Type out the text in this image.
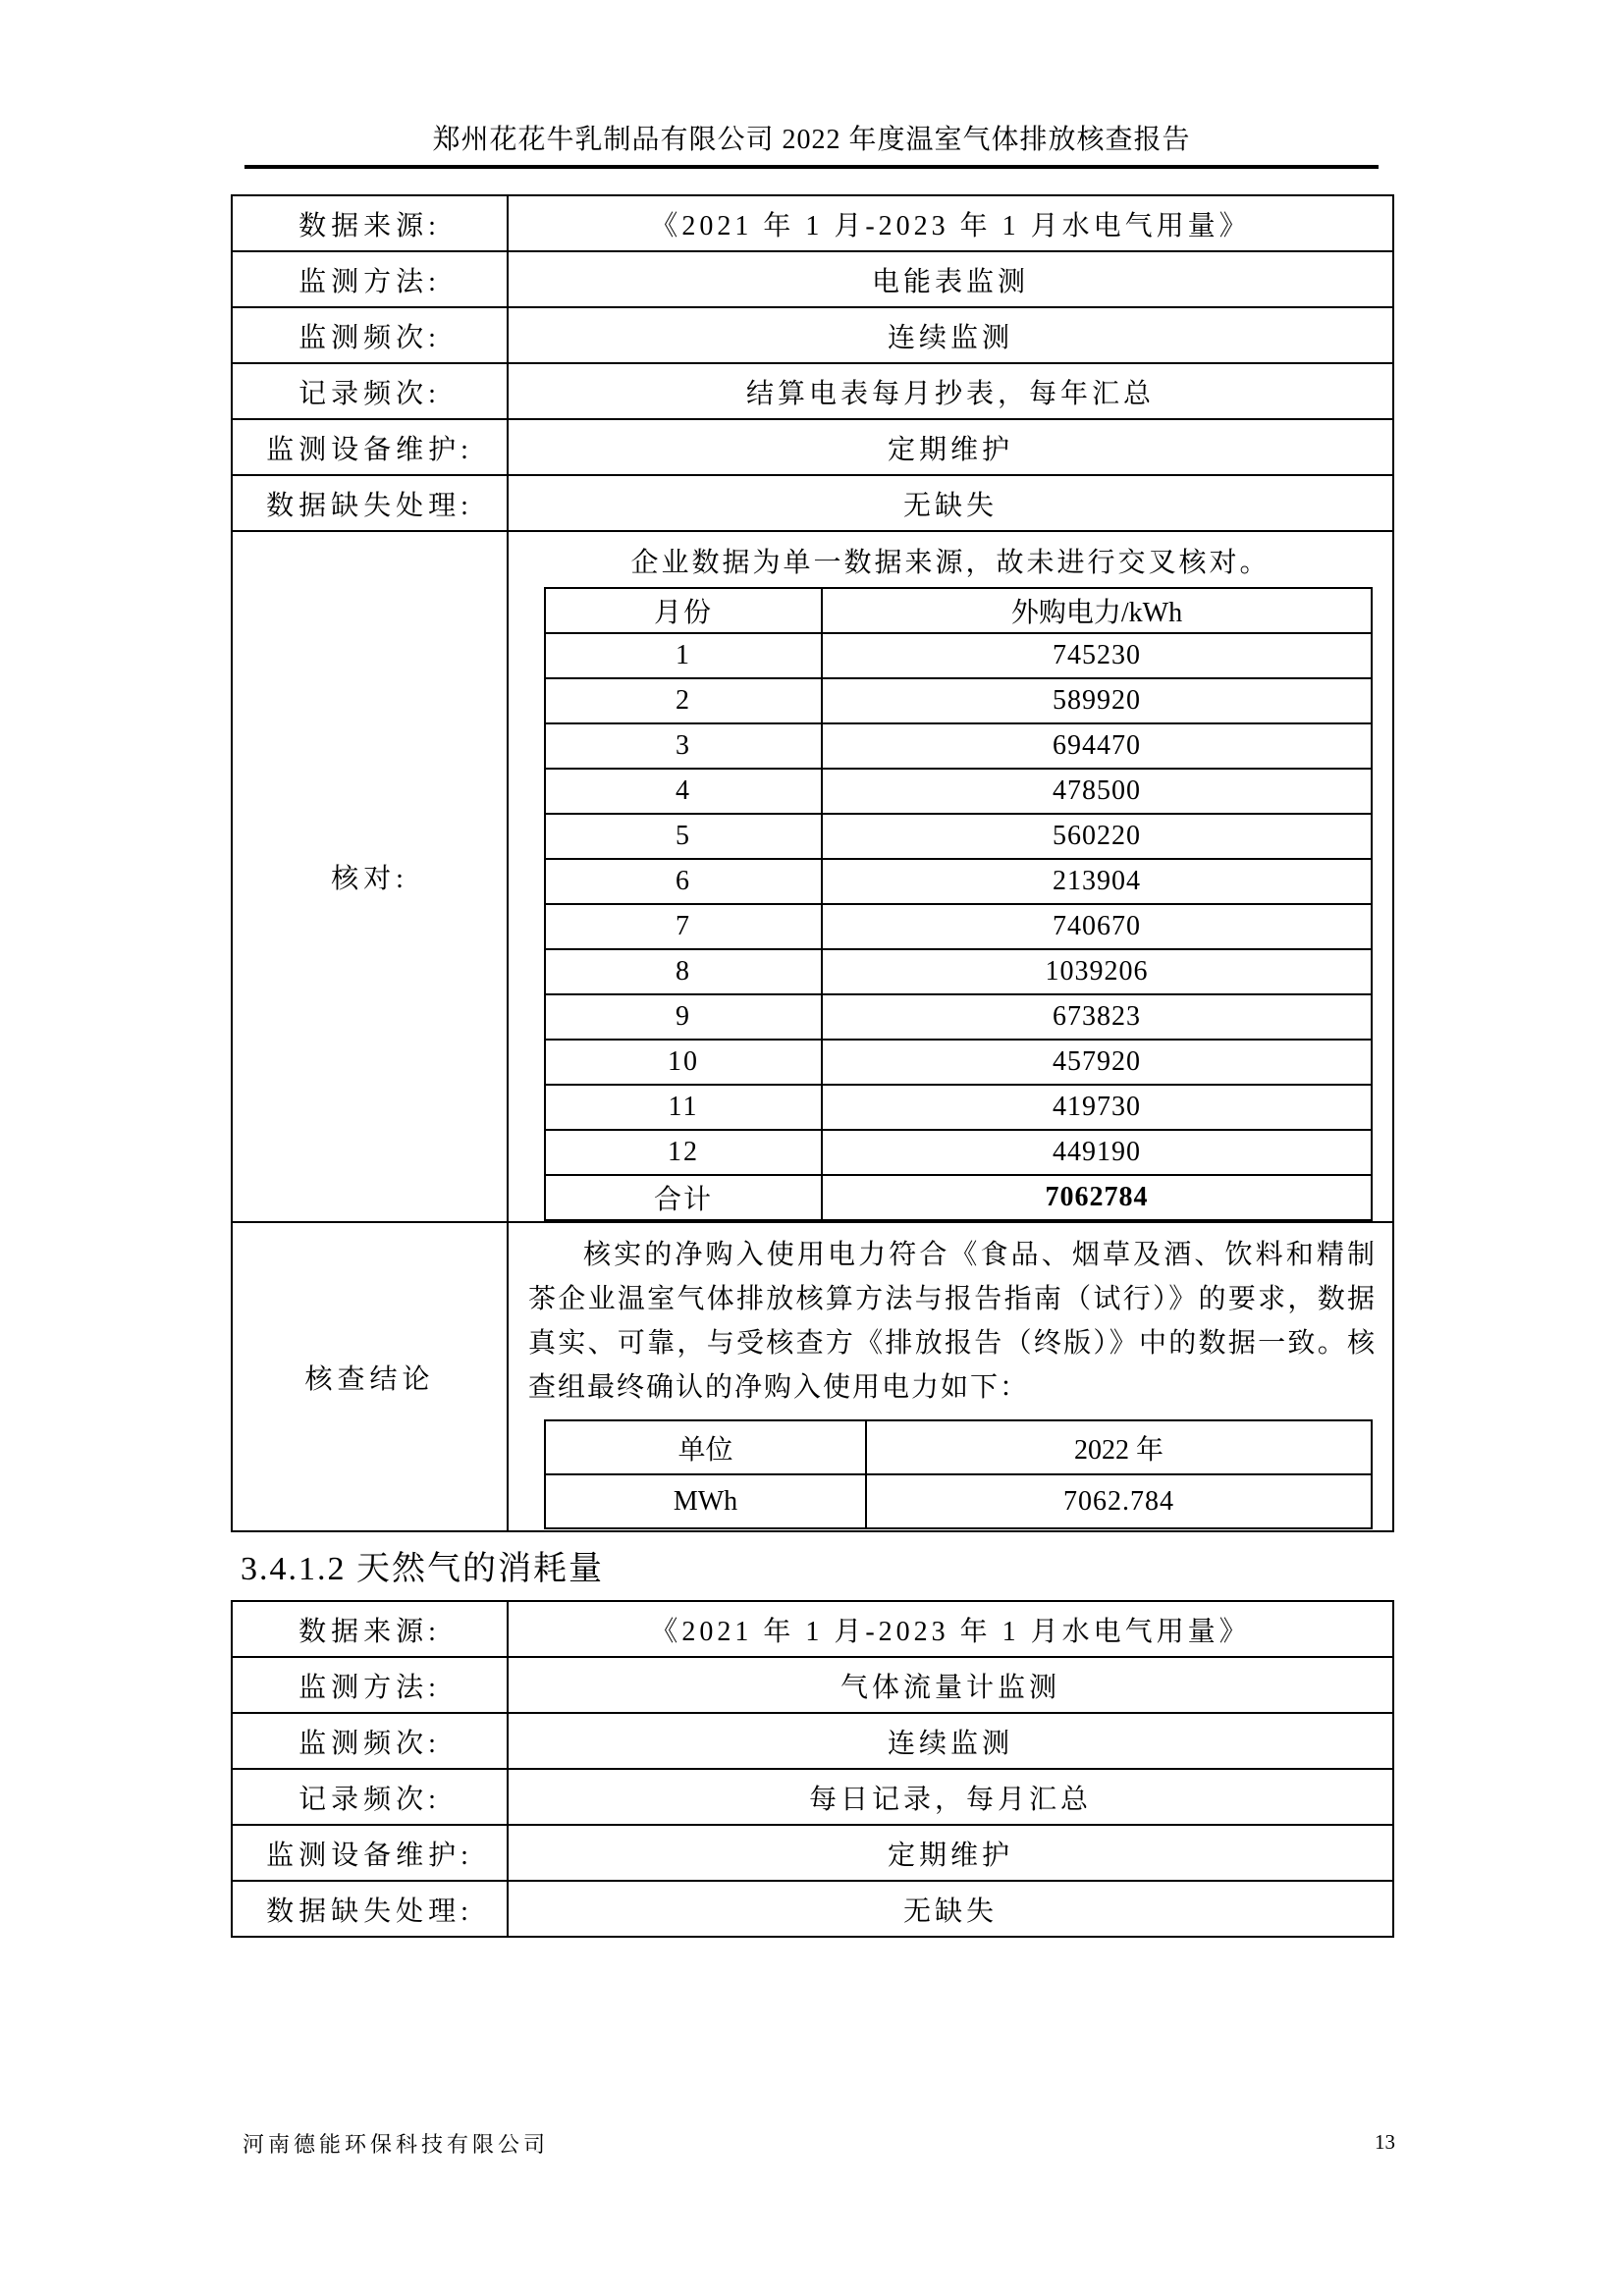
郑州花花牛乳制品有限公司 2022 年度温室气体排放核查报告
数据来源:	《2021 年 1 月-2023 年 1 月水电气用量》
监测方法:	电能表监测
监测频次:	连续监测
记录频次:	结算电表每月抄表，每年汇总
监测设备维护:	定期维护
数据缺失处理:	无缺失
核对:	
企业数据为单一数据来源，故未进行交叉核对。
月份	外购电力/kWh
1	745230
2	589920
3	694470
4	478500
5	560220
6	213904
7	740670
8	1039206
9	673823
10	457920
11	419730
12	449190
合计	7062784

核查结论	
核实的净购入使用电力符合《食品、烟草及酒、饮料和精制茶企业温室气体排放核算方法与报告指南（试行）》的要求，数据真实、可靠，与受核查方《排放报告（终版）》中的数据一致。核查组最终确认的净购入使用电力如下：
单位	2022 年
MWh	7062.784
3.4.1.2 天然气的消耗量
数据来源:	《2021 年 1 月-2023 年 1 月水电气用量》
监测方法:	气体流量计监测
监测频次:	连续监测
记录频次:	每日记录，每月汇总
监测设备维护:	定期维护
数据缺失处理:	无缺失
河南德能环保科技有限公司	13
